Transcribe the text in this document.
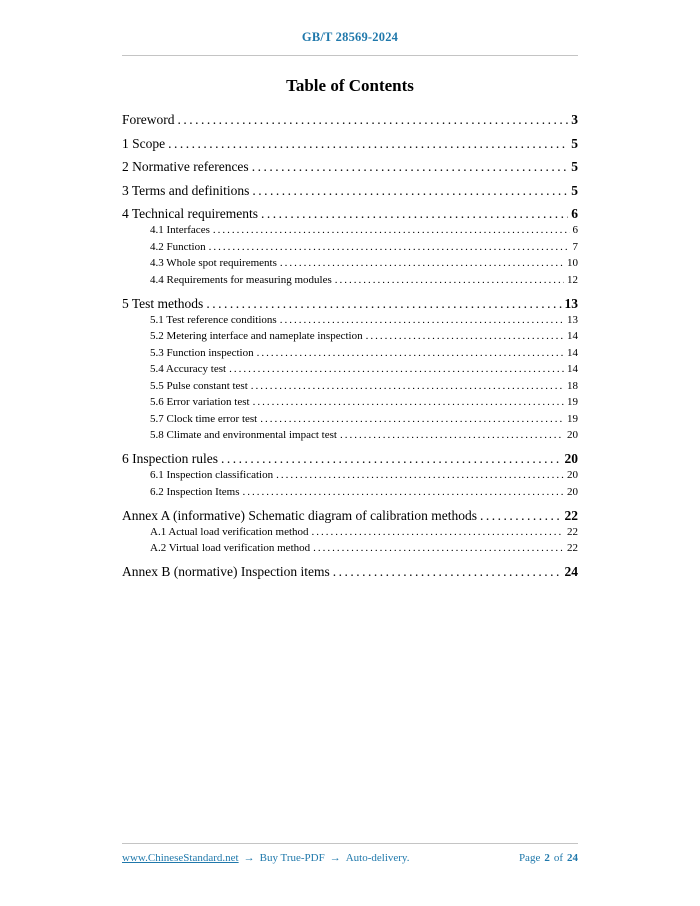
GB/T 28569-2024
Table of Contents
Foreword .....	3
1 Scope .....	5
2 Normative references .....	5
3 Terms and definitions .....	5
4 Technical requirements .....	6
4.1 Interfaces .....	6
4.2 Function .....	7
4.3 Whole spot requirements .....	10
4.4 Requirements for measuring modules .....	12
5 Test methods .....	13
5.1 Test reference conditions .....	13
5.2 Metering interface and nameplate inspection .....	14
5.3 Function inspection .....	14
5.4 Accuracy test .....	14
5.5 Pulse constant test .....	18
5.6 Error variation test .....	19
5.7 Clock time error test .....	19
5.8 Climate and environmental impact test .....	20
6 Inspection rules .....	20
6.1 Inspection classification .....	20
6.2 Inspection Items .....	20
Annex A (informative) Schematic diagram of calibration methods .....	22
A.1 Actual load verification method .....	22
A.2 Virtual load verification method .....	22
Annex B (normative) Inspection items .....	24
www.ChineseStandard.net → Buy True-PDF → Auto-delivery.	Page 2 of 24
